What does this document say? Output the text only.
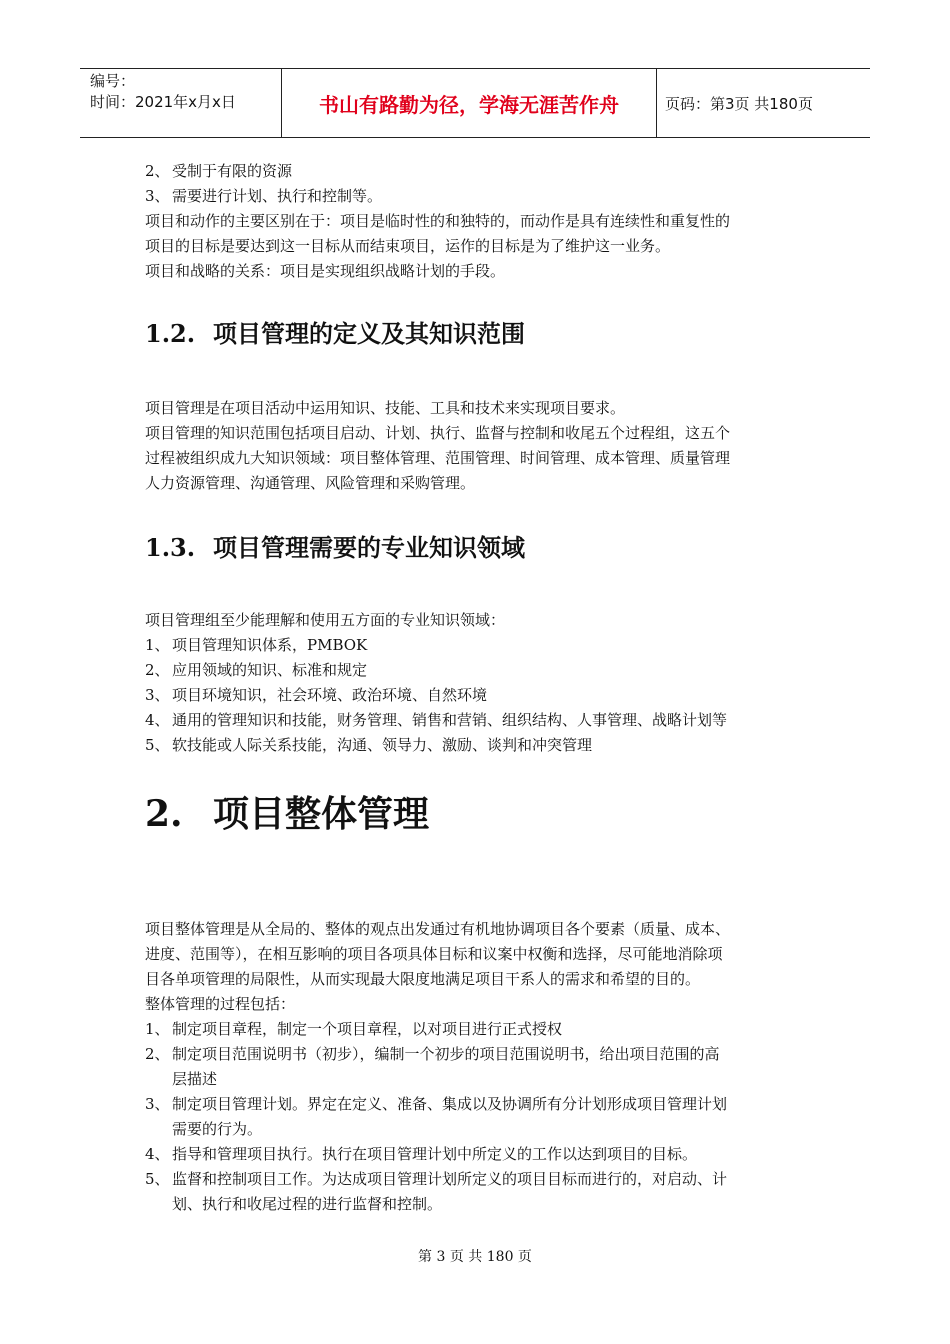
编号：
时间：2021年x月x日	书山有路勤为径，学海无涯苦作舟	页码：第3页 共180页
2、 受制于有限的资源
3、 需要进行计划、执行和控制等。
项目和动作的主要区别在于：项目是临时性的和独特的，而动作是具有连续性和重复性的
项目的目标是要达到这一目标从而结束项目，运作的目标是为了维护这一业务。
项目和战略的关系：项目是实现组织战略计划的手段。
1.2. 项目管理的定义及其知识范围
项目管理是在项目活动中运用知识、技能、工具和技术来实现项目要求。
项目管理的知识范围包括项目启动、计划、执行、监督与控制和收尾五个过程组，这五个
过程被组织成九大知识领域：项目整体管理、范围管理、时间管理、成本管理、质量管理
人力资源管理、沟通管理、风险管理和采购管理。
1.3. 项目管理需要的专业知识领域
项目管理组至少能理解和使用五方面的专业知识领域：
1、 项目管理知识体系，PMBOK
2、 应用领域的知识、标准和规定
3、 项目环境知识，社会环境、政治环境、自然环境
4、 通用的管理知识和技能，财务管理、销售和营销、组织结构、人事管理、战略计划等
5、 软技能或人际关系技能，沟通、领导力、激励、谈判和冲突管理
2. 项目整体管理
项目整体管理是从全局的、整体的观点出发通过有机地协调项目各个要素（质量、成本、
进度、范围等），在相互影响的项目各项具体目标和议案中权衡和选择，尽可能地消除项
目各单项管理的局限性，从而实现最大限度地满足项目干系人的需求和希望的目的。
整体管理的过程包括：
1、 制定项目章程，制定一个项目章程，以对项目进行正式授权
2、 制定项目范围说明书（初步），编制一个初步的项目范围说明书，给出项目范围的高
层描述
3、 制定项目管理计划。界定在定义、准备、集成以及协调所有分计划形成项目管理计划
需要的行为。
4、 指导和管理项目执行。执行在项目管理计划中所定义的工作以达到项目的目标。
5、 监督和控制项目工作。为达成项目管理计划所定义的项目目标而进行的，对启动、计
划、执行和收尾过程的进行监督和控制。
第 3 页 共 180 页
